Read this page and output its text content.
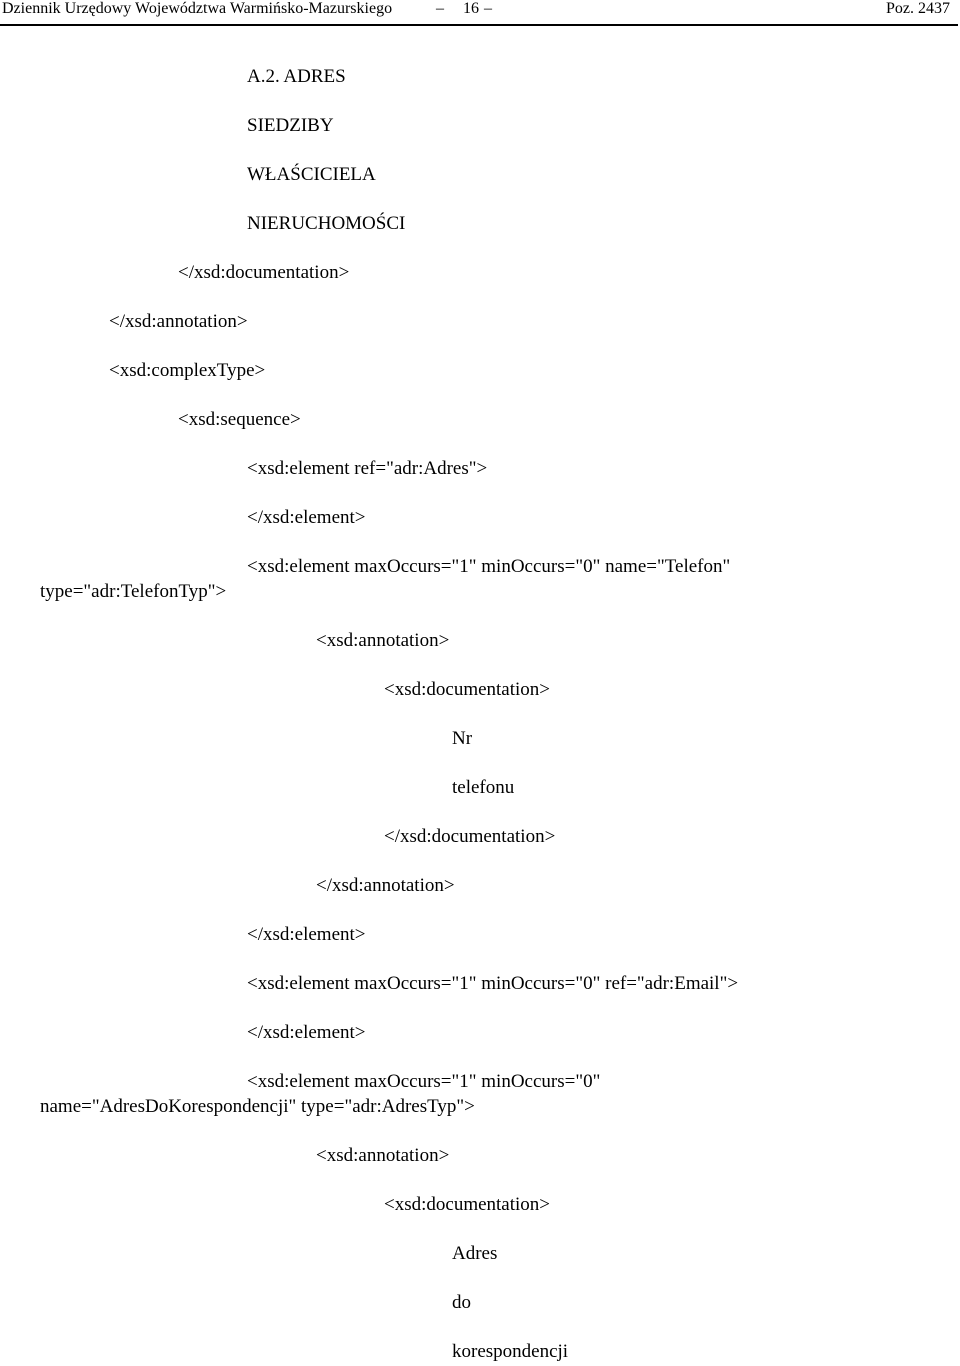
Dziennik Urzędowy Województwa Warmińsko-Mazurskiego	– 16 –	Poz. 2437
A.2. ADRES
SIEDZIBY
WŁAŚCICIELA
NIERUCHOMOŚCI
</xsd:documentation>
</xsd:annotation>
<xsd:complexType>
<xsd:sequence>
<xsd:element ref="adr:Adres">
</xsd:element>
<xsd:element maxOccurs="1" minOccurs="0" name="Telefon"
type="adr:TelefonTyp">
<xsd:annotation>
<xsd:documentation>
Nr
telefonu
</xsd:documentation>
</xsd:annotation>
</xsd:element>
<xsd:element maxOccurs="1" minOccurs="0" ref="adr:Email">
</xsd:element>
<xsd:element maxOccurs="1" minOccurs="0"
name="AdresDoKorespondencji" type="adr:AdresTyp">
<xsd:annotation>
<xsd:documentation>
Adres
do
korespondencji
